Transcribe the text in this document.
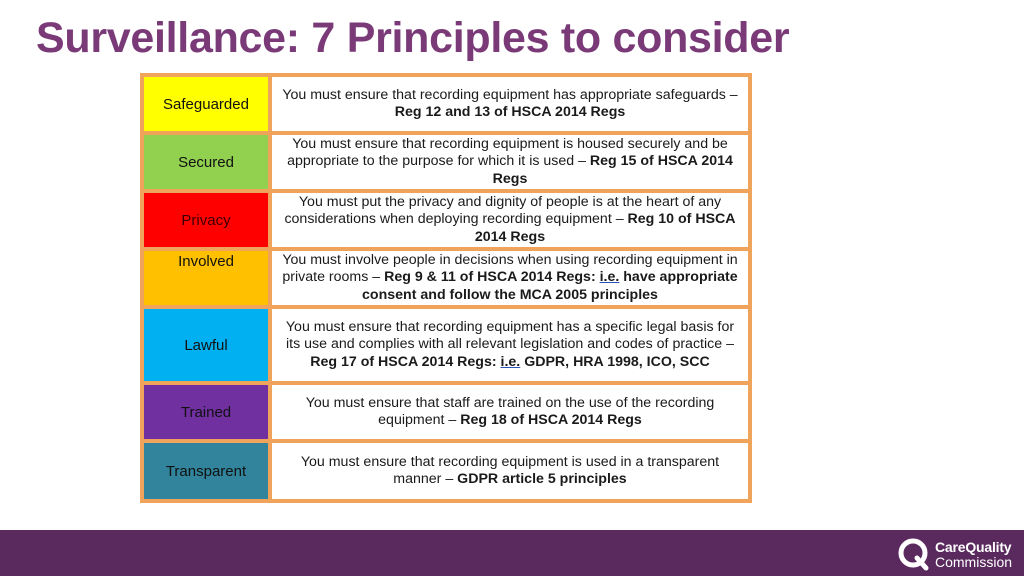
Surveillance: 7 Principles to consider
Safeguarded
You must ensure that recording equipment has appropriate safeguards – Reg 12 and 13 of HSCA 2014 Regs
Secured
You must ensure that recording equipment is housed securely and be appropriate to the purpose for which it is used – Reg 15 of HSCA 2014 Regs
Privacy
You must put the privacy and dignity of people is at the heart of any considerations when deploying recording equipment – Reg 10 of HSCA 2014 Regs
Involved	You must involve people in decisions when using recording equipment in private rooms – Reg 9 & 11 of HSCA 2014 Regs: i.e. have appropriate consent and follow the MCA 2005 principles
Lawful
You must ensure that recording equipment has a specific legal basis for its use and complies with all relevant legislation and codes of practice – Reg 17 of HSCA 2014 Regs: i.e. GDPR, HRA 1998, ICO, SCC
Trained
You must ensure that staff are trained on the use of the recording equipment – Reg 18 of HSCA 2014 Regs
Transparent
You must ensure that recording equipment is used in a transparent manner – GDPR article 5 principles
CareQuality
Commission
